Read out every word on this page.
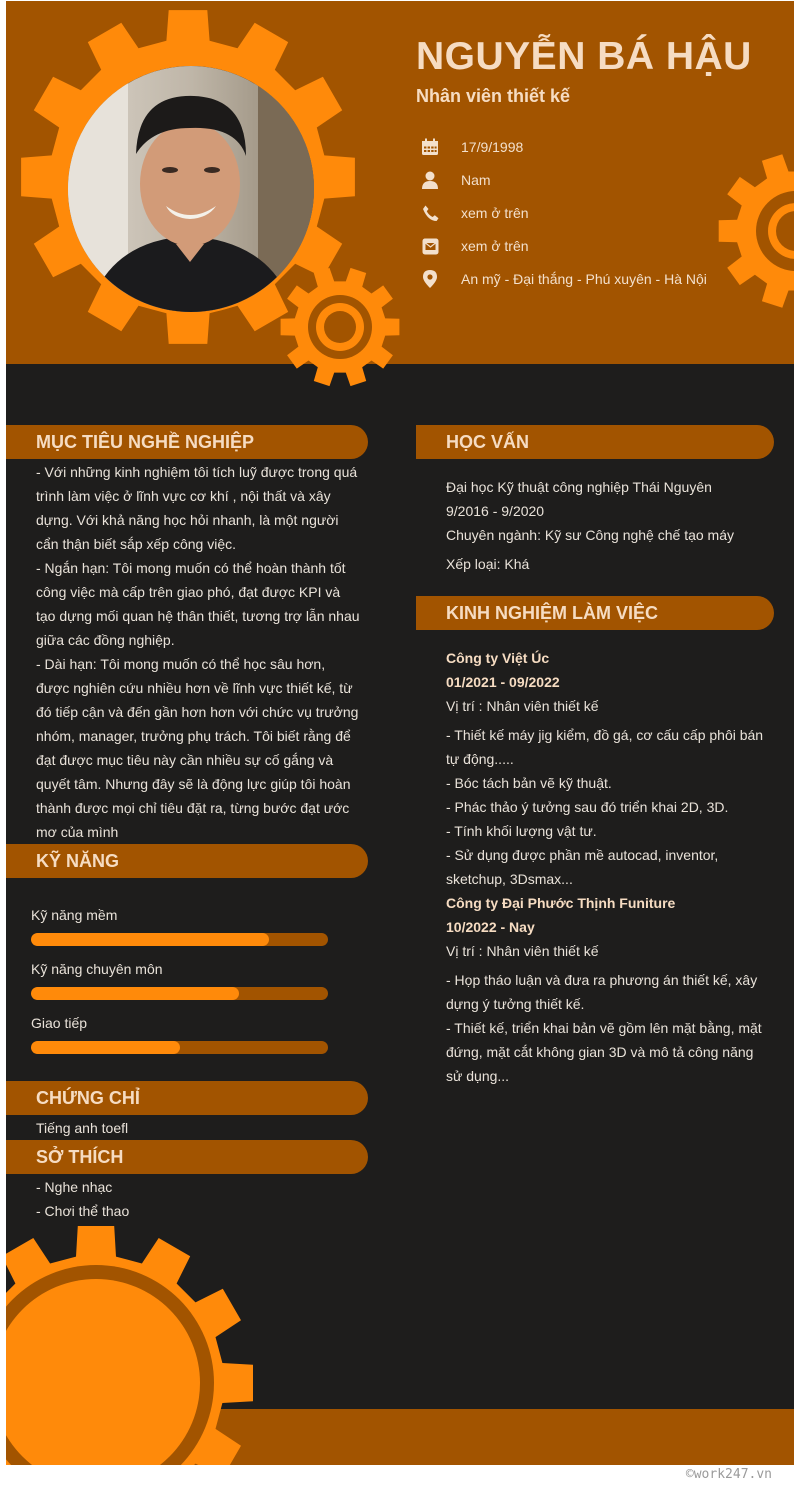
NGUYỄN BÁ HẬU
Nhân viên thiết kế
17/9/1998
Nam
xem ở trên
xem ở trên
An mỹ - Đại thắng - Phú xuyên - Hà Nội
MỤC TIÊU NGHỀ NGHIỆP

- Với những kinh nghiệm tôi tích luỹ được trong quá trình làm việc ở lĩnh vực cơ khí , nội thất và xây dựng. Với khả năng học hỏi nhanh, là một người cẩn thận biết sắp xếp công việc.

- Ngắn hạn: Tôi mong muốn có thể hoàn thành tốt công việc mà cấp trên giao phó, đạt được KPI và tạo dựng mối quan hệ thân thiết, tương trợ lẫn nhau giữa các đồng nghiệp.

- Dài hạn: Tôi mong muốn có thể học sâu hơn, được nghiên cứu nhiều hơn về lĩnh vực thiết kế, từ đó tiếp cận và đến gần hơn hơn với chức vụ trưởng nhóm, manager, trưởng phụ trách. Tôi biết rằng để đạt được mục tiêu này cần nhiều sự cố gắng và quyết tâm. Nhưng đây sẽ là động lực giúp tôi hoàn thành được mọi chỉ tiêu đặt ra, từng bước đạt ước mơ của mình

KỸ NĂNG
Kỹ năng mềm
Kỹ năng chuyên môn
Giao tiếp
CHỨNG CHỈ

Tiếng anh toefl

SỞ THÍCH

- Nghe nhạc

- Chơi thể thao

HỌC VẤN

Đại học Kỹ thuật công nghiệp Thái Nguyên

9/2016 - 9/2020

Chuyên ngành: Kỹ sư Công nghệ chế tạo máy

Xếp loại: Khá

KINH NGHIỆM LÀM VIỆC

Công ty Việt Úc

01/2021 - 09/2022

Vị trí : Nhân viên thiết kế

- Thiết kế máy jig kiểm, đồ gá, cơ cấu cấp phôi bán tự động.....

- Bóc tách bản vẽ kỹ thuật.

- Phác thảo ý tưởng sau đó triển khai 2D, 3D.

- Tính khối lượng vật tư.

- Sử dụng được phần mề autocad, inventor, sketchup, 3Dsmax...

Công ty Đại Phước Thịnh Funiture

10/2022 - Nay

Vị trí : Nhân viên thiết kế

- Họp tháo luận và đưa ra phương án thiết kế, xây dựng ý tưởng thiết kế.

- Thiết kế, triển khai bản vẽ gồm lên mặt bằng, mặt đứng, mặt cắt không gian 3D và mô tả công năng sử dụng...

©work247.vn
